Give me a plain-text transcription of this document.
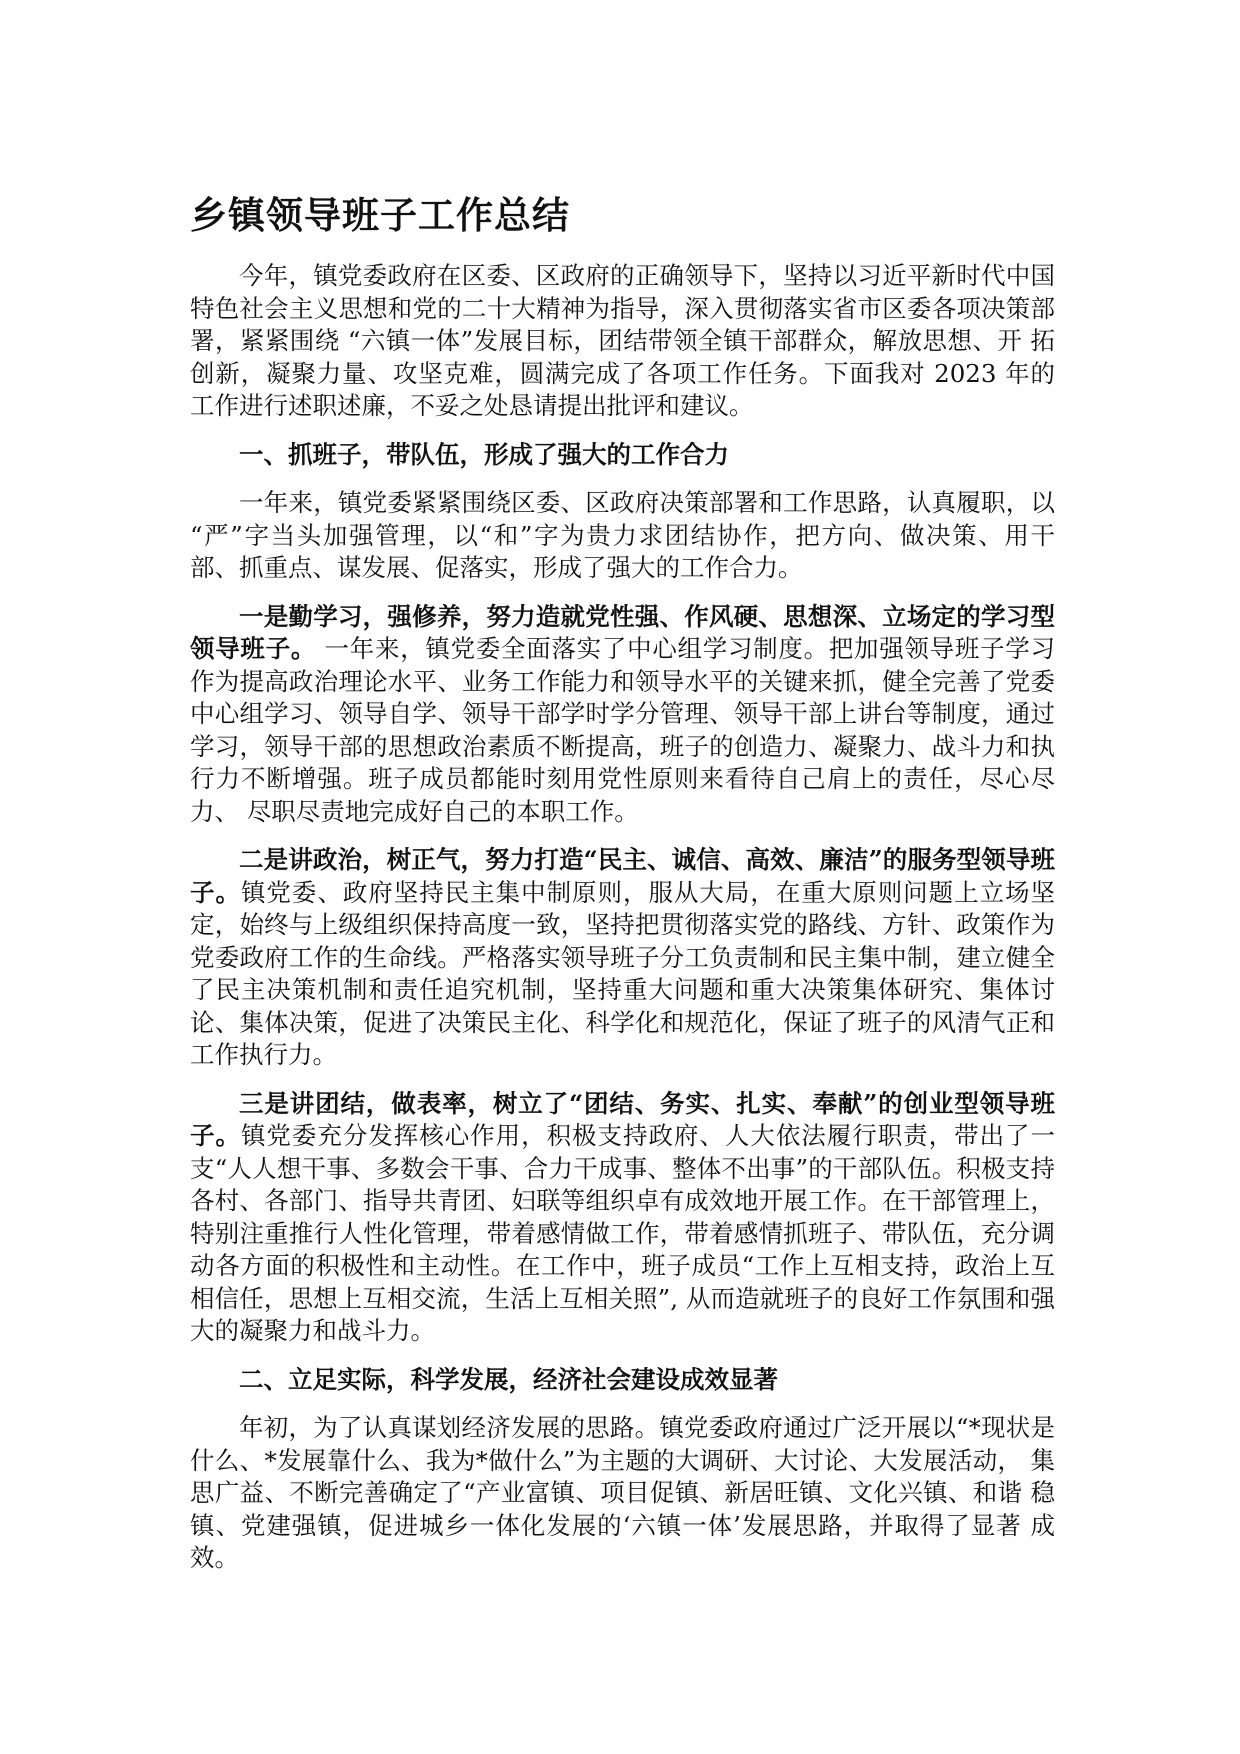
乡镇领导班子工作总结

今年，镇党委政府在区委、区政府的正确领导下，坚持以习近平新时代中国 特色社会主义思想和党的二十大精神为指导，深入贯彻落实省市区委各项决策部 署，紧紧围绕 “六镇一体”发展目标，团结带领全镇干部群众，解放思想、开 拓创新，凝聚力量、攻坚克难，圆满完成了各项工作任务。下面我对 2023 年的 工作进行述职述廉，不妥之处恳请提出批评和建议。

一、抓班子，带队伍，形成了强大的工作合力

一年来，镇党委紧紧围绕区委、区政府决策部署和工作思路，认真履职，以 “严”字当头加强管理，以“和”字为贵力求团结协作，把方向、做决策、用干 部、抓重点、谋发展、促落实，形成了强大的工作合力。

一是勤学习，强修养，努力造就党性强、作风硬、思想深、立场定的学习型领导班子。 一年来，镇党委全面落实了中心组学习制度。把加强领导班子学习作为提高政治理论水平、业务工作能力和领导水平的关键来抓，健全完善了党委中心组学习、领导自学、领导干部学时学分管理、领导干部上讲台等制度，通过学习，领导干部的思想政治素质不断提高，班子的创造力、凝聚力、战斗力和执行力不断增强。班子成员都能时刻用党性原则来看待自己肩上的责任，尽心尽力、 尽职尽责地完成好自己的本职工作。

二是讲政治，树正气，努力打造“民主、诚信、高效、廉洁”的服务型领导班子。镇党委、政府坚持民主集中制原则，服从大局，在重大原则问题上立场坚定，始终与上级组织保持高度一致，坚持把贯彻落实党的路线、方针、政策作为党委政府工作的生命线。严格落实领导班子分工负责制和民主集中制，建立健全了民主决策机制和责任追究机制，坚持重大问题和重大决策集体研究、集体讨论、集体决策，促进了决策民主化、科学化和规范化，保证了班子的风清气正和工作执行力。

三是讲团结，做表率，树立了“团结、务实、扎实、奉献”的创业型领导班子。镇党委充分发挥核心作用，积极支持政府、人大依法履行职责，带出了一支“人人想干事、多数会干事、合力干成事、整体不出事”的干部队伍。积极支持各村、各部门、指导共青团、妇联等组织卓有成效地开展工作。在干部管理上，特别注重推行人性化管理，带着感情做工作，带着感情抓班子、带队伍，充分调动各方面的积极性和主动性。在工作中，班子成员“工作上互相支持，政治上互相信任，思想上互相交流，生活上互相关照”, 从而造就班子的良好工作氛围和强大的凝聚力和战斗力。

二、立足实际，科学发展，经济社会建设成效显著

年初，为了认真谋划经济发展的思路。镇党委政府通过广泛开展以“*现状是什么、*发展靠什么、我为*做什么”为主题的大调研、大讨论、大发展活动， 集思广益、不断完善确定了“产业富镇、项目促镇、新居旺镇、文化兴镇、和谐 稳镇、党建强镇，促进城乡一体化发展的‘六镇一体’发展思路，并取得了显著 成效。
